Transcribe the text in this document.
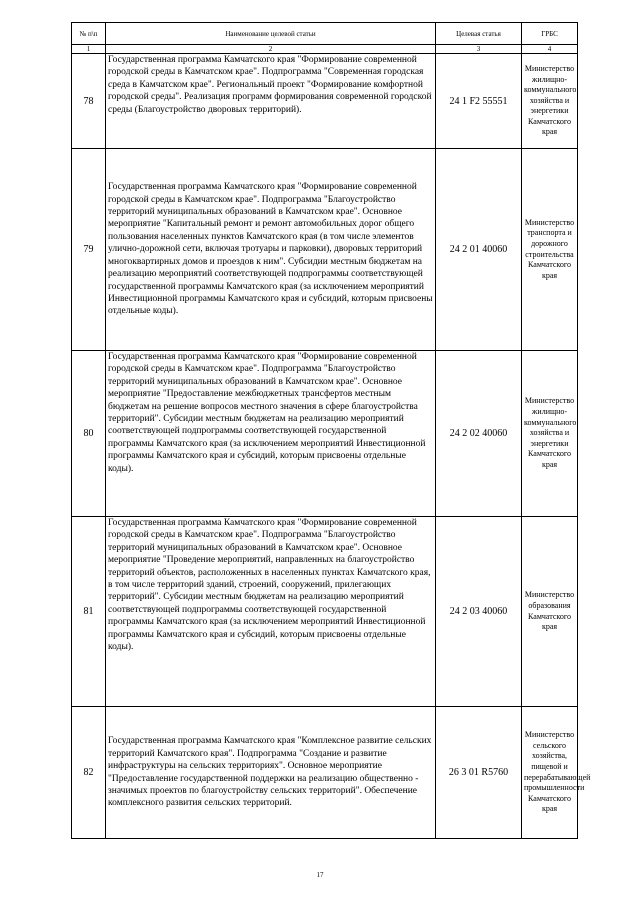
№ п\п	Наименование целевой статьи	Целевая статья	ГРБС
1	2	3	4
78	Государственная программа Камчатского края "Формирование современной городской среды в Камчатском крае". Подпрограмма "Современная городская среда в Камчатском крае". Региональный проект "Формирование комфортной городской среды". Реализация программ формирования современной городской среды (Благоустройство дворовых территорий).	24 1 F2 55551	Министерство жилищно-коммунального хозяйства и энергетики Камчатского края
79	Государственная программа Камчатского края "Формирование современной городской среды в Камчатском крае". Подпрограмма "Благоустройство территорий муниципальных образований в Камчатском крае". Основное мероприятие "Капитальный ремонт и ремонт автомобильных дорог общего пользования населенных пунктов Камчатского края (в том числе элементов улично-дорожной сети, включая тротуары и парковки), дворовых территорий многоквартирных домов и проездов к ним". Субсидии местным бюджетам на реализацию мероприятий соответствующей подпрограммы соответствующей государственной программы Камчатского края (за исключением мероприятий Инвестиционной программы Камчатского края и субсидий, которым присвоены отдельные коды).	24 2 01 40060	Министерство транспорта и дорожного строительства Камчатского края
80	Государственная программа Камчатского края "Формирование современной городской среды в Камчатском крае". Подпрограмма "Благоустройство территорий муниципальных образований в Камчатском крае". Основное мероприятие "Предоставление межбюджетных трансфертов местным бюджетам на решение вопросов местного значения в сфере благоустройства территорий". Субсидии местным бюджетам на реализацию мероприятий соответствующей подпрограммы соответствующей государственной программы Камчатского края (за исключением мероприятий Инвестиционной программы Камчатского края и субсидий, которым присвоены отдельные коды).	24 2 02 40060	Министерство жилищно-коммунального хозяйства и энергетики Камчатского края
81	Государственная программа Камчатского края "Формирование современной городской среды в Камчатском крае". Подпрограмма "Благоустройство территорий муниципальных образований в Камчатском крае". Основное мероприятие "Проведение мероприятий, направленных на благоустройство территорий объектов, расположенных в населенных пунктах Камчатского края, в том числе территорий зданий, строений, сооружений, прилегающих территорий". Субсидии местным бюджетам на реализацию мероприятий соответствующей подпрограммы соответствующей государственной программы Камчатского края (за исключением мероприятий Инвестиционной программы Камчатского края и субсидий, которым присвоены отдельные коды).	24 2 03 40060	Министерство образования Камчатского края
82	Государственная программа Камчатского края "Комплексное развитие сельских территорий Камчатского края". Подпрограмма "Создание и развитие инфраструктуры на сельских территориях". Основное мероприятие "Предоставление государственной поддержки на реализацию общественно - значимых проектов по благоустройству сельских территорий". Обеспечение комплексного развития сельских территорий.	26 3 01 R5760	Министерство сельского хозяйства, пищевой и перерабатывающей промышленности Камчатского края
17
